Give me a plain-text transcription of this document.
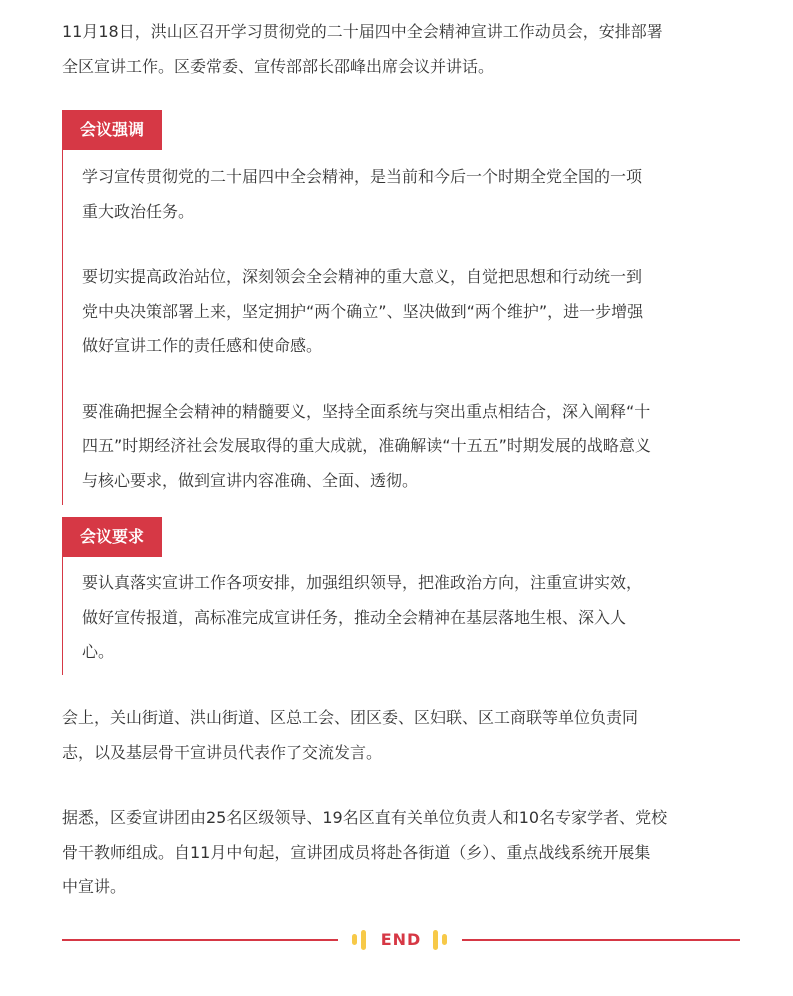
11月18日，洪山区召开学习贯彻党的二十届四中全会精神宣讲工作动员会，安排部署
全区宣讲工作。区委常委、宣传部部长邵峰出席会议并讲话。
会议强调
学习宣传贯彻党的二十届四中全会精神，是当前和今后一个时期全党全国的一项
重大政治任务。
要切实提高政治站位，深刻领会全会精神的重大意义，自觉把思想和行动统一到
党中央决策部署上来，坚定拥护“两个确立”、坚决做到“两个维护”，进一步增强
做好宣讲工作的责任感和使命感。
要准确把握全会精神的精髓要义，坚持全面系统与突出重点相结合，深入阐释“十
四五”时期经济社会发展取得的重大成就，准确解读“十五五”时期发展的战略意义
与核心要求，做到宣讲内容准确、全面、透彻。
会议要求
要认真落实宣讲工作各项安排，加强组织领导，把准政治方向，注重宣讲实效，
做好宣传报道，高标准完成宣讲任务，推动全会精神在基层落地生根、深入人
心。
会上，关山街道、洪山街道、区总工会、团区委、区妇联、区工商联等单位负责同
志，以及基层骨干宣讲员代表作了交流发言。
据悉，区委宣讲团由25名区级领导、19名区直有关单位负责人和10名专家学者、党校
骨干教师组成。自11月中旬起，宣讲团成员将赴各街道（乡）、重点战线系统开展集
中宣讲。
END
